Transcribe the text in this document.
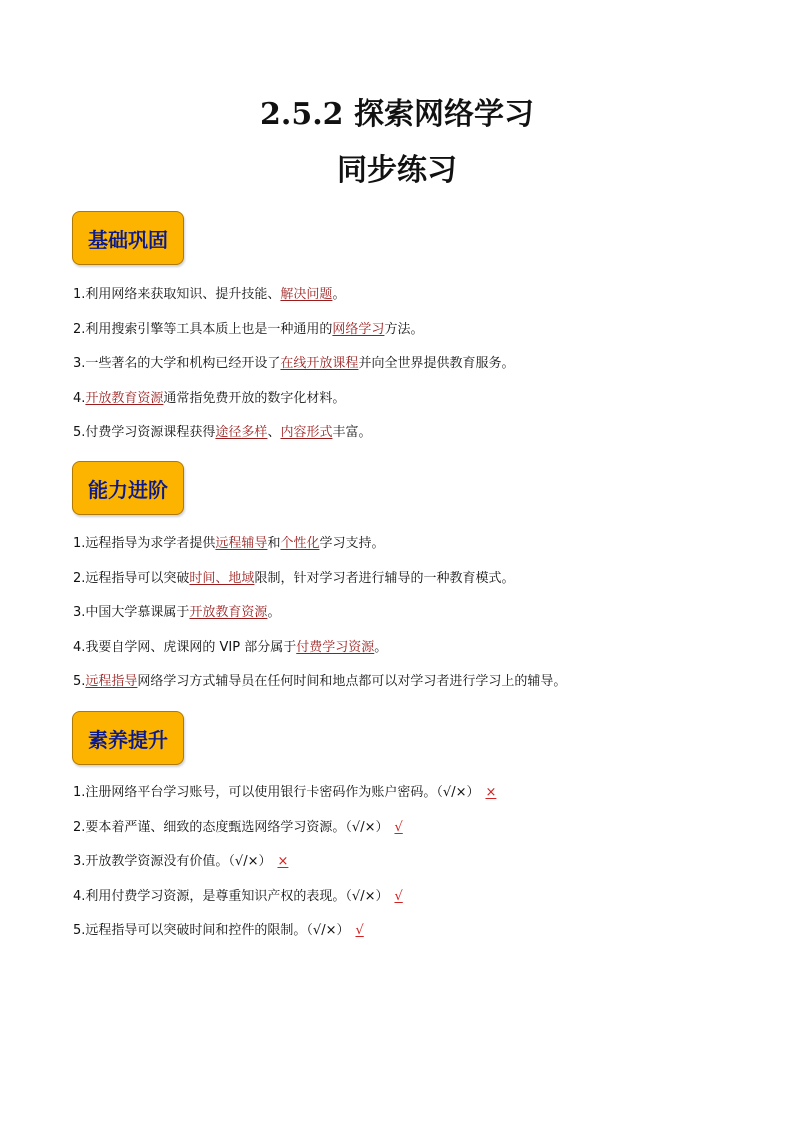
2.5.2 探索网络学习
同步练习
基础巩固
1.利用网络来获取知识、提升技能、解决问题。
2.利用搜索引擎等工具本质上也是一种通用的网络学习方法。
3.一些著名的大学和机构已经开设了在线开放课程并向全世界提供教育服务。
4.开放教育资源通常指免费开放的数字化材料。
5.付费学习资源课程获得途径多样、内容形式丰富。
能力进阶
1.远程指导为求学者提供远程辅导和个性化学习支持。
2.远程指导可以突破时间、地域限制，针对学习者进行辅导的一种教育模式。
3.中国大学慕课属于开放教育资源。
4.我要自学网、虎课网的 VIP 部分属于付费学习资源。
5.远程指导网络学习方式辅导员在任何时间和地点都可以对学习者进行学习上的辅导。
素养提升
1.注册网络平台学习账号，可以使用银行卡密码作为账户密码。（√/×） ×
2.要本着严谨、细致的态度甄选网络学习资源。（√/×） √
3.开放教学资源没有价值。（√/×） ×
4.利用付费学习资源，是尊重知识产权的表现。（√/×） √
5.远程指导可以突破时间和控件的限制。（√/×） √
